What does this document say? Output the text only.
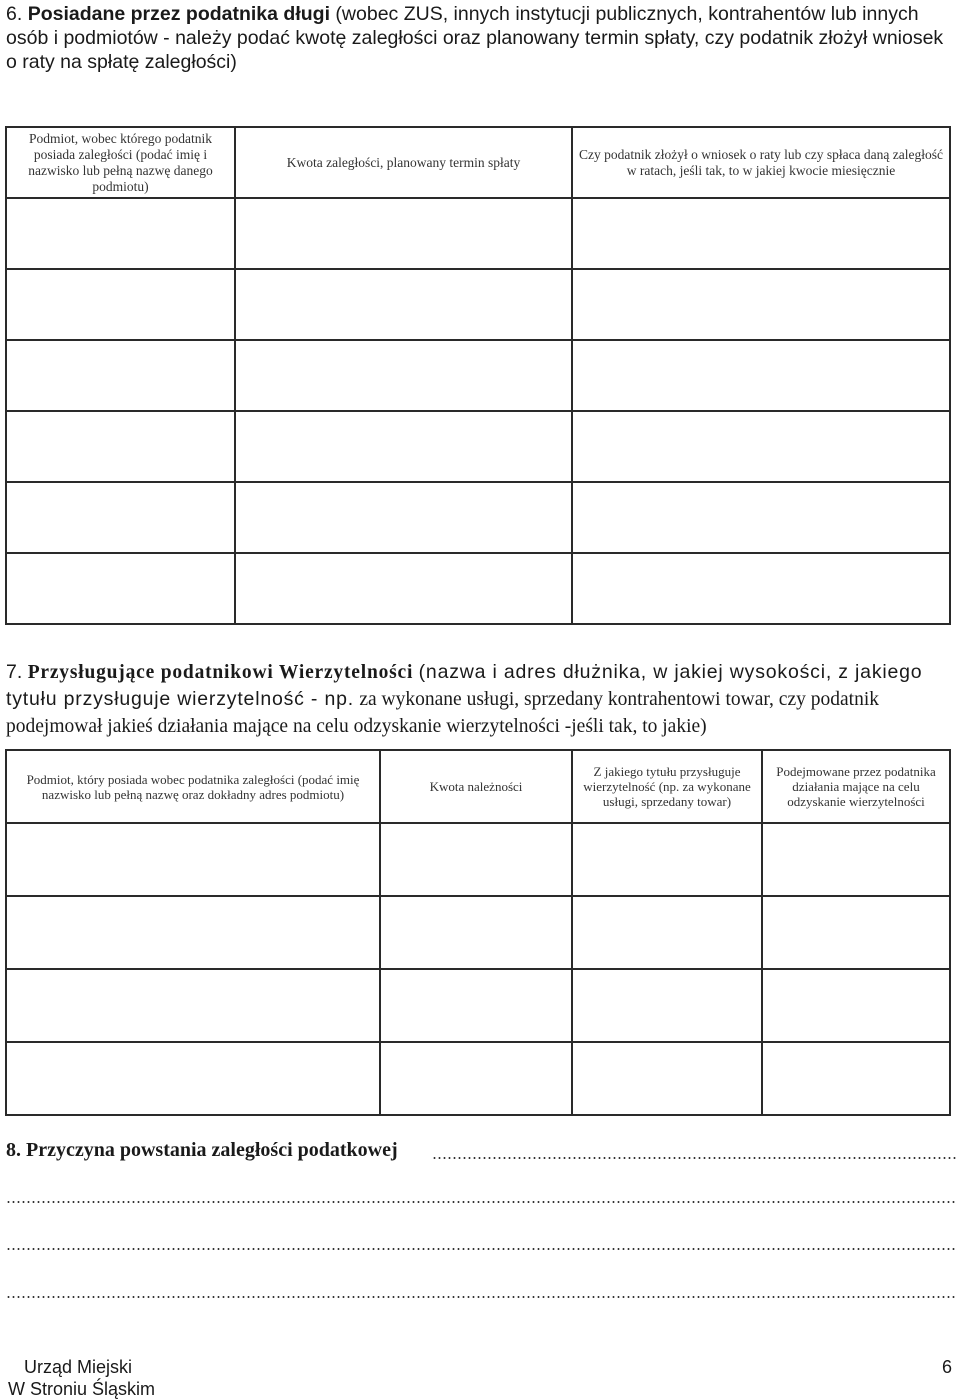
6. Posiadane przez podatnika długi (wobec ZUS, innych instytucji publicznych, kontrahentów lub innych osób i podmiotów - należy podać kwotę zaległości oraz planowany termin spłaty, czy podatnik złożył wniosek o raty na spłatę zaległości)
Podmiot, wobec którego podatnik posiada zaległości (podać imię i nazwisko lub pełną nazwę danego podmiotu)	Kwota zaległości, planowany termin spłaty	Czy podatnik złożył o wniosek o raty lub czy spłaca daną zaległość w ratach, jeśli tak, to w jakiej kwocie miesięcznie

7. Przysługujące podatnikowi Wierzytelności (nazwa i adres dłużnika, w jakiej wysokości, z jakiego tytułu przysługuje wierzytelność - np. za wykonane usługi, sprzedany kontrahentowi towar, czy podatnik podejmował jakieś działania mające na celu odzyskanie wierzytelności -jeśli tak, to jakie)
Podmiot, który posiada wobec podatnika zaległości (podać imię nazwisko lub pełną nazwę oraz dokładny adres podmiotu)	Kwota należności	Z jakiego tytułu przysługuje wierzytelność (np. za wykonane usługi, sprzedany towar)	Podejmowane przez podatnika działania mające na celu odzyskanie wierzytelności

8. Przyczyna powstania zaległości podatkowej
Urząd Miejski
W Stroniu Śląskim
6
